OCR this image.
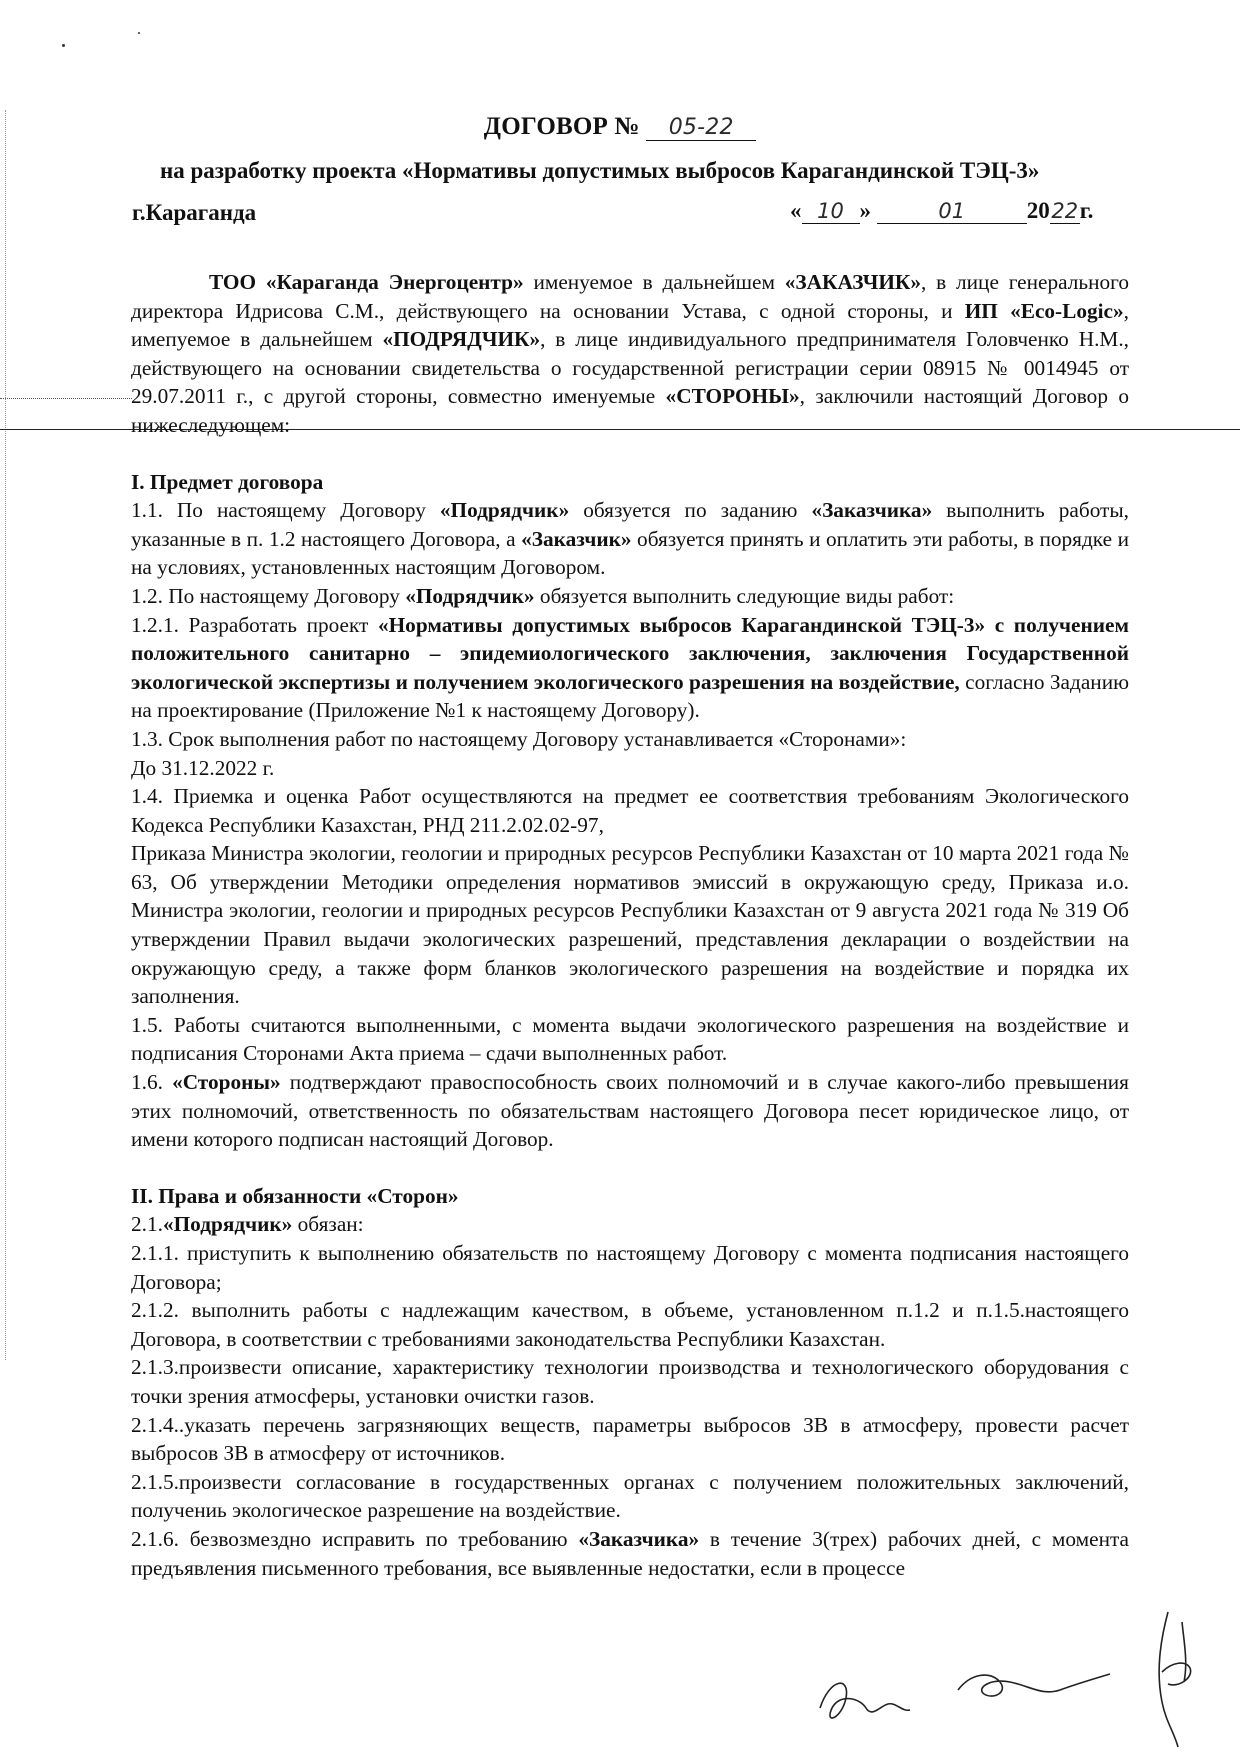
ДОГОВОР № 05-22
на разработку проекта «Нормативы допустимых выбросов Карагандинской ТЭЦ-3»
г.Караганда	« 10 »	01	2022г.

ТОО «Караганда Энергоцентр» именуемое в дальнейшем «ЗАКАЗЧИК», в лице генерального директора Идрисова С.М., действующего на основании Устава, с одной стороны, и ИП «Eco-Logic», имепуемое в дальнейшем «ПОДРЯДЧИК», в лице индивидуального предпринимателя Головченко Н.М., действующего на основании свидетельства о государственной регистрации серии 08915 № 0014945 от 29.07.2011 г., с другой стороны, совместно именуемые «СТОРОНЫ», заключили настоящий Договор о нижеследующем:

I. Предмет договора

1.1. По настоящему Договору «Подрядчик» обязуется по заданию «Заказчика» выполнить работы, указанные в п. 1.2 настоящего Договора, а «Заказчик» обязуется принять и оплатить эти работы, в порядке и на условиях, установленных настоящим Договором.

1.2. По настоящему Договору «Подрядчик» обязуется выполнить следующие виды работ:

1.2.1. Разработать проект «Нормативы допустимых выбросов Карагандинской ТЭЦ-3» с получением положительного санитарно – эпидемиологического заключения, заключения Государственной экологической экспертизы и получением экологического разрешения на воздействие, согласно Заданию на проектирование (Приложение №1 к настоящему Договору).

1.3. Срок выполнения работ по настоящему Договору устанавливается «Сторонами»:

До 31.12.2022 г.

1.4. Приемка и оценка Работ осуществляются на предмет ее соответствия требованиям Экологического Кодекса Республики Казахстан, РНД 211.2.02.02-97,

Приказа Министра экологии, геологии и природных ресурсов Республики Казахстан от 10 марта 2021 года № 63, Об утверждении Методики определения нормативов эмиссий в окружающую среду, Приказа и.о. Министра экологии, геологии и природных ресурсов Республики Казахстан от 9 августа 2021 года № 319 Об утверждении Правил выдачи экологических разрешений, представления декларации о воздействии на окружающую среду, а также форм бланков экологического разрешения на воздействие и порядка их заполнения.

1.5. Работы считаются выполненными, с момента выдачи экологического разрешения на воздействие и подписания Сторонами Акта приема – сдачи выполненных работ.

1.6. «Стороны» подтверждают правоспособность своих полномочий и в случае какого-либо превышения этих полномочий, ответственность по обязательствам настоящего Договора песет юридическое лицо, от имени которого подписан настоящий Договор.

II. Права и обязанности «Сторон»

2.1.«Подрядчик» обязан:

2.1.1. приступить к выполнению обязательств по настоящему Договору с момента подписания настоящего Договора;

2.1.2. выполнить работы с надлежащим качеством, в объеме, установленном п.1.2 и п.1.5.настоящего Договора, в соответствии с требованиями законодательства Республики Казахстан.

2.1.3.произвести описание, характеристику технологии производства и технологического оборудования с точки зрения атмосферы, установки очистки газов.

2.1.4..указать перечень загрязняющих веществ, параметры выбросов ЗВ в атмосферу, провести расчет выбросов ЗВ в атмосферу от источников.

2.1.5.произвести согласование в государственных органах с получением положительных заключений, получениь экологическое разрешение на воздействие.

2.1.6. безвозмездно исправить по требованию «Заказчика» в течение 3(трех) рабочих дней, с момента предъявления письменного требования, все выявленные недостатки, если в процессе
